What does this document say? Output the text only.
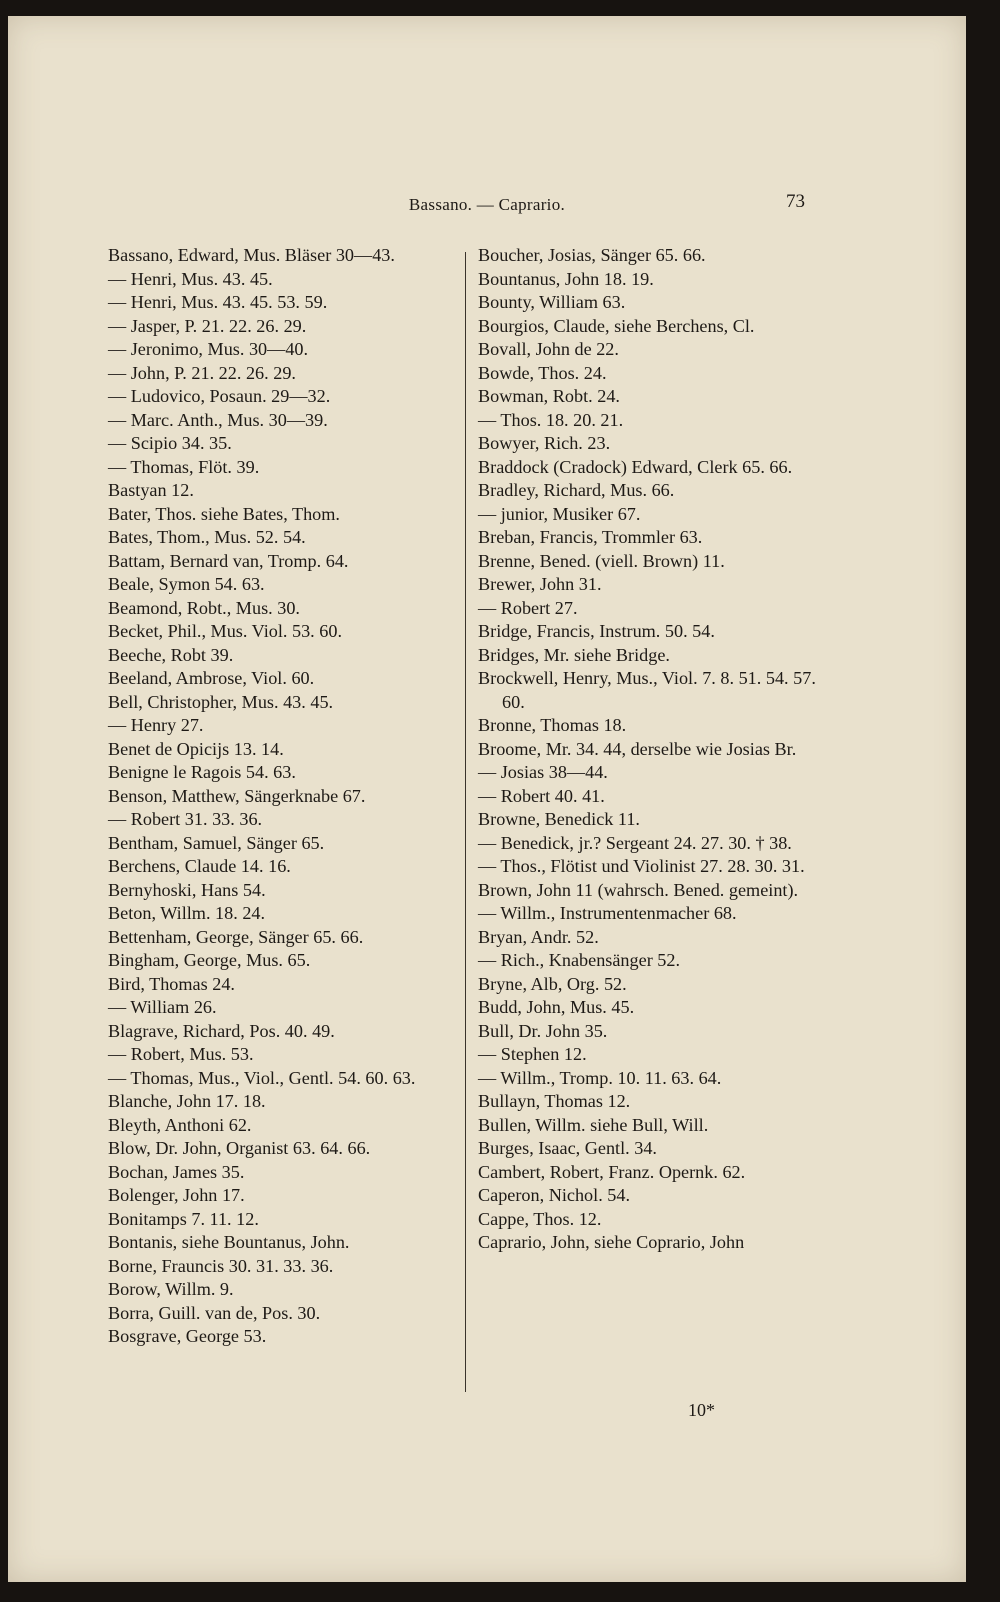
Bassano. — Caprario.	73

Bassano, Edward, Mus. Bläser 30—43.

— Henri, Mus. 43. 45.

— Henri, Mus. 43. 45. 53. 59.

— Jasper, P. 21. 22. 26. 29.

— Jeronimo, Mus. 30—40.

— John, P. 21. 22. 26. 29.

— Ludovico, Posaun. 29—32.

— Marc. Anth., Mus. 30—39.

— Scipio 34. 35.

— Thomas, Flöt. 39.

Bastyan 12.

Bater, Thos. siehe Bates, Thom.

Bates, Thom., Mus. 52. 54.

Battam, Bernard van, Tromp. 64.

Beale, Symon 54. 63.

Beamond, Robt., Mus. 30.

Becket, Phil., Mus. Viol. 53. 60.

Beeche, Robt 39.

Beeland, Ambrose, Viol. 60.

Bell, Christopher, Mus. 43. 45.

— Henry 27.

Benet de Opicijs 13. 14.

Benigne le Ragois 54. 63.

Benson, Matthew, Sängerknabe 67.

— Robert 31. 33. 36.

Bentham, Samuel, Sänger 65.

Berchens, Claude 14. 16.

Bernyhoski, Hans 54.

Beton, Willm. 18. 24.

Bettenham, George, Sänger 65. 66.

Bingham, George, Mus. 65.

Bird, Thomas 24.

— William 26.

Blagrave, Richard, Pos. 40. 49.

— Robert, Mus. 53.

— Thomas, Mus., Viol., Gentl. 54. 60. 63.

Blanche, John 17. 18.

Bleyth, Anthoni 62.

Blow, Dr. John, Organist 63. 64. 66.

Bochan, James 35.

Bolenger, John 17.

Bonitamps 7. 11. 12.

Bontanis, siehe Bountanus, John.

Borne, Frauncis 30. 31. 33. 36.

Borow, Willm. 9.

Borra, Guill. van de, Pos. 30.

Bosgrave, George 53.

Boucher, Josias, Sänger 65. 66.

Bountanus, John 18. 19.

Bounty, William 63.

Bourgios, Claude, siehe Berchens, Cl.

Bovall, John de 22.

Bowde, Thos. 24.

Bowman, Robt. 24.

— Thos. 18. 20. 21.

Bowyer, Rich. 23.

Braddock (Cradock) Edward, Clerk 65. 66.

Bradley, Richard, Mus. 66.

— junior, Musiker 67.

Breban, Francis, Trommler 63.

Brenne, Bened. (viell. Brown) 11.

Brewer, John 31.

— Robert 27.

Bridge, Francis, Instrum. 50. 54.

Bridges, Mr. siehe Bridge.

Brockwell, Henry, Mus., Viol. 7. 8. 51. 54. 57. 60.

Bronne, Thomas 18.

Broome, Mr. 34. 44, derselbe wie Josias Br.

— Josias 38—44.

— Robert 40. 41.

Browne, Benedick 11.

— Benedick, jr.? Sergeant 24. 27. 30. † 38.

— Thos., Flötist und Violinist 27. 28. 30. 31.

Brown, John 11 (wahrsch. Bened. gemeint).

— Willm., Instrumentenmacher 68.

Bryan, Andr. 52.

— Rich., Knabensänger 52.

Bryne, Alb, Org. 52.

Budd, John, Mus. 45.

Bull, Dr. John 35.

— Stephen 12.

— Willm., Tromp. 10. 11. 63. 64.

Bullayn, Thomas 12.

Bullen, Willm. siehe Bull, Will.

Burges, Isaac, Gentl. 34.

Cambert, Robert, Franz. Opernk. 62.

Caperon, Nichol. 54.

Cappe, Thos. 12.

Caprario, John, siehe Coprario, John

10*
